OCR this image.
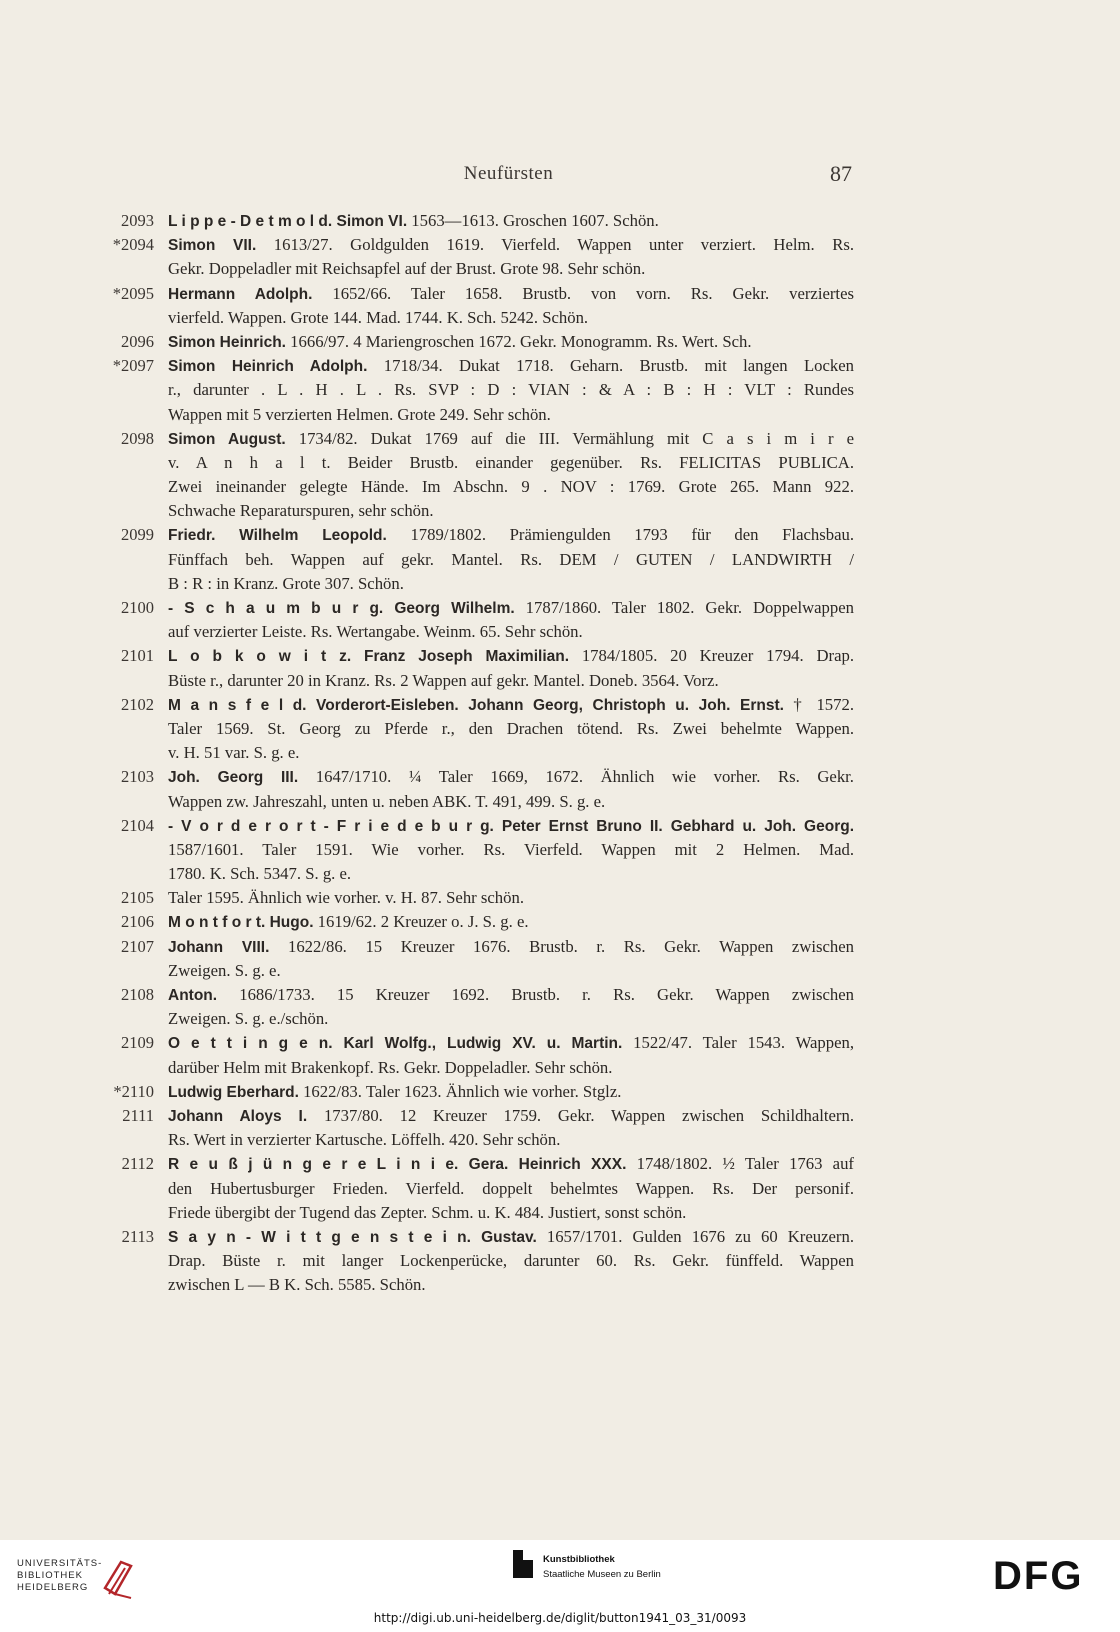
Neufürsten	87
2093 L i p p e - D e t m o l d. Simon VI. 1563—1613. Groschen 1607. Schön.
*2094 Simon VII. 1613/27. Goldgulden 1619. Vierfeld. Wappen unter verziert. Helm. Rs.
Gekr. Doppeladler mit Reichsapfel auf der Brust. Grote 98. Sehr schön.
*2095 Hermann Adolph. 1652/66. Taler 1658. Brustb. von vorn. Rs. Gekr. verziertes
vierfeld. Wappen. Grote 144. Mad. 1744. K. Sch. 5242. Schön.
2096 Simon Heinrich. 1666/97. 4 Mariengroschen 1672. Gekr. Monogramm. Rs. Wert. Sch.
*2097 Simon Heinrich Adolph. 1718/34. Dukat 1718. Geharn. Brustb. mit langen Locken
r., darunter . L . H . L . Rs. SVP : D : VIAN : & A : B : H : VLT : Rundes
Wappen mit 5 verzierten Helmen. Grote 249. Sehr schön.
2098 Simon August. 1734/82. Dukat 1769 auf die III. Vermählung mit C a s i m i r e
v. A n h a l t. Beider Brustb. einander gegenüber. Rs. FELICITAS PUBLICA.
Zwei ineinander gelegte Hände. Im Abschn. 9 . NOV : 1769. Grote 265. Mann 922.
Schwache Reparaturspuren, sehr schön.
2099 Friedr. Wilhelm Leopold. 1789/1802. Prämiengulden 1793 für den Flachsbau.
Fünffach beh. Wappen auf gekr. Mantel. Rs. DEM / GUTEN / LANDWIRTH /
B : R : in Kranz. Grote 307. Schön.
2100 - S c h a u m b u r g. Georg Wilhelm. 1787/1860. Taler 1802. Gekr. Doppelwappen
auf verzierter Leiste. Rs. Wertangabe. Weinm. 65. Sehr schön.
2101 L o b k o w i t z. Franz Joseph Maximilian. 1784/1805. 20 Kreuzer 1794. Drap.
Büste r., darunter 20 in Kranz. Rs. 2 Wappen auf gekr. Mantel. Doneb. 3564. Vorz.
2102 M a n s f e l d. Vorderort-Eisleben. Johann Georg, Christoph u. Joh. Ernst. † 1572.
Taler 1569. St. Georg zu Pferde r., den Drachen tötend. Rs. Zwei behelmte Wappen.
v. H. 51 var. S. g. e.
2103 Joh. Georg III. 1647/1710. ¼ Taler 1669, 1672. Ähnlich wie vorher. Rs. Gekr.
Wappen zw. Jahreszahl, unten u. neben ABK. T. 491, 499. S. g. e.
2104 - V o r d e r o r t - F r i e d e b u r g. Peter Ernst Bruno II. Gebhard u. Joh. Georg.
1587/1601. Taler 1591. Wie vorher. Rs. Vierfeld. Wappen mit 2 Helmen. Mad.
1780. K. Sch. 5347. S. g. e.
2105 Taler 1595. Ähnlich wie vorher. v. H. 87. Sehr schön.
2106 M o n t f o r t. Hugo. 1619/62. 2 Kreuzer o. J. S. g. e.
2107 Johann VIII. 1622/86. 15 Kreuzer 1676. Brustb. r. Rs. Gekr. Wappen zwischen
Zweigen. S. g. e.
2108 Anton. 1686/1733. 15 Kreuzer 1692. Brustb. r. Rs. Gekr. Wappen zwischen
Zweigen. S. g. e./schön.
2109 O e t t i n g e n. Karl Wolfg., Ludwig XV. u. Martin. 1522/47. Taler 1543. Wappen,
darüber Helm mit Brakenkopf. Rs. Gekr. Doppeladler. Sehr schön.
*2110 Ludwig Eberhard. 1622/83. Taler 1623. Ähnlich wie vorher. Stglz.
2111 Johann Aloys I. 1737/80. 12 Kreuzer 1759. Gekr. Wappen zwischen Schildhaltern.
Rs. Wert in verzierter Kartusche. Löffelh. 420. Sehr schön.
2112 R e u ß j ü n g e r e L i n i e. Gera. Heinrich XXX. 1748/1802. ½ Taler 1763 auf
den Hubertusburger Frieden. Vierfeld. doppelt behelmtes Wappen. Rs. Der personif.
Friede übergibt der Tugend das Zepter. Schm. u. K. 484. Justiert, sonst schön.
2113 S a y n - W i t t g e n s t e i n. Gustav. 1657/1701. Gulden 1676 zu 60 Kreuzern.
Drap. Büste r. mit langer Lockenperücke, darunter 60. Rs. Gekr. fünffeld. Wappen
zwischen L — B K. Sch. 5585. Schön.
UNIVERSITÄTS-
BIBLIOTHEK
HEIDELBERG
Kunstbibliothek
Staatliche Museen zu Berlin	DFG
http://digi.ub.uni-heidelberg.de/diglit/button1941_03_31/0093
